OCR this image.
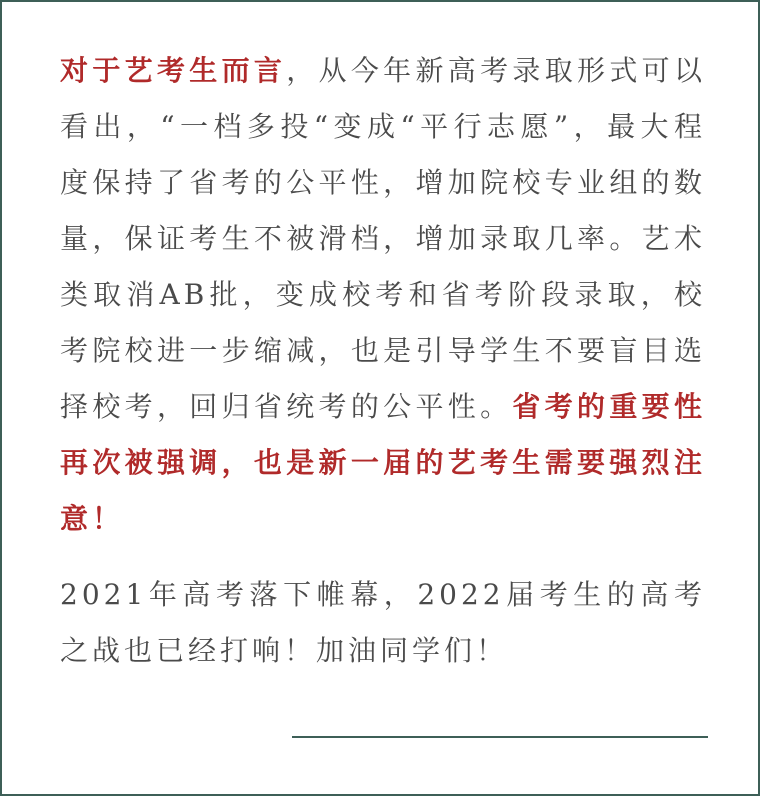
对于艺考生而言，从今年新高考录取形式可以看出，“一档多投“变成“平行志愿”，最大程度保持了省考的公平性，增加院校专业组的数量，保证考生不被滑档，增加录取几率。艺术类取消AB批，变成校考和省考阶段录取，校考院校进一步缩减，也是引导学生不要盲目选择校考，回归省统考的公平性。省考的重要性再次被强调，也是新一届的艺考生需要强烈注意！

2021年高考落下帷幕，2022届考生的高考之战也已经打响！加油同学们！
